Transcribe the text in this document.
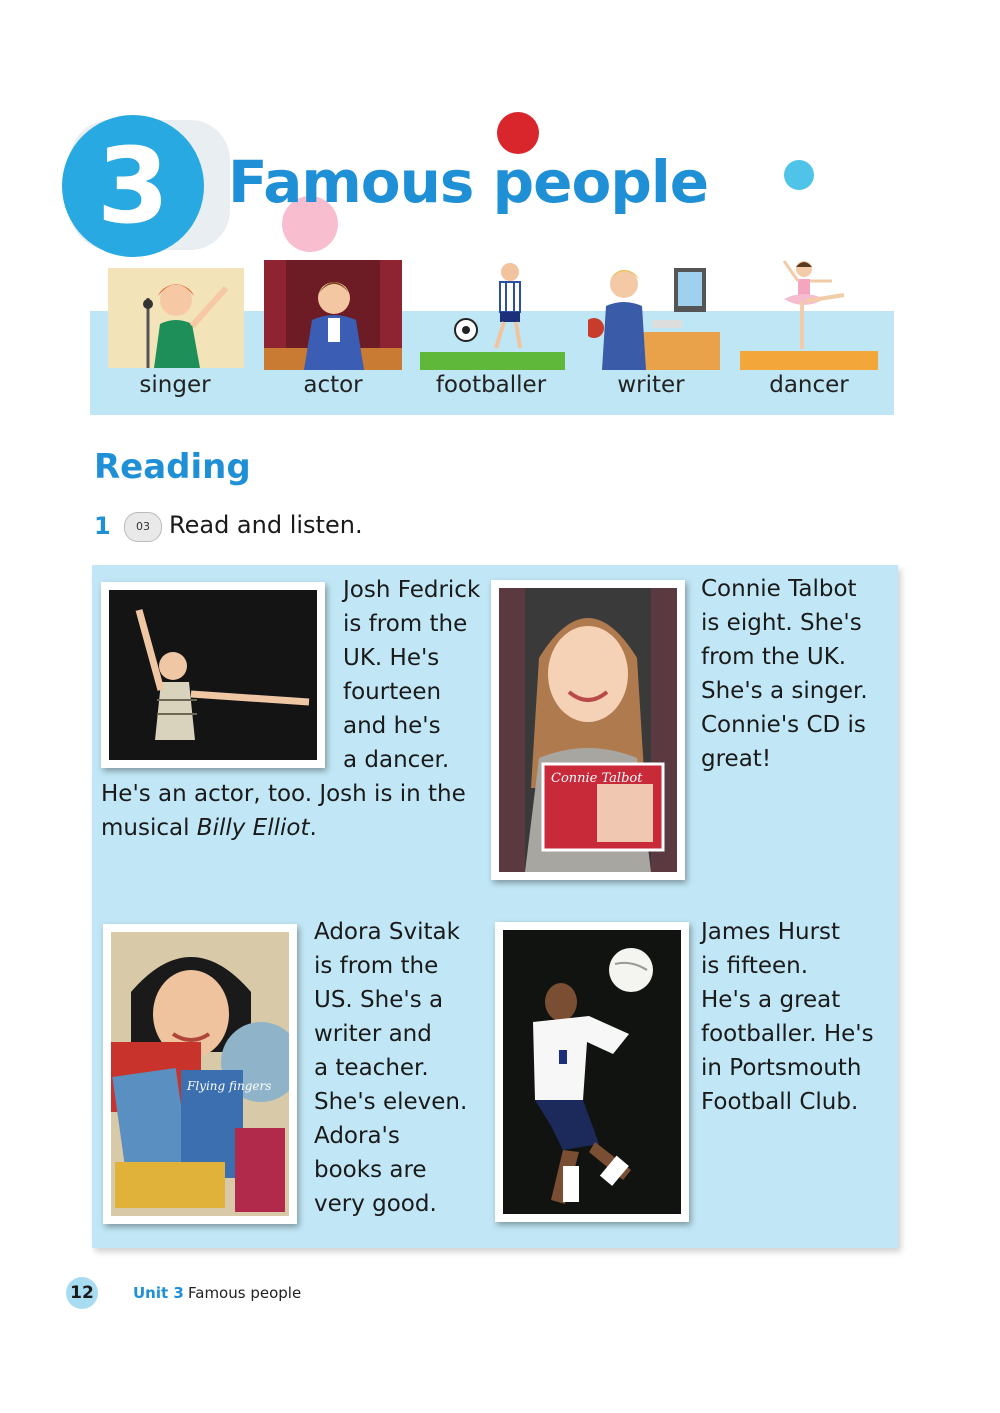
3	Famous people
singer	actor	footballer	writer	dancer
Reading
1	03 Read and listen.
Josh Fedrick
is from the
UK. He's
fourteen
and he's
a dancer.
He's an actor, too. Josh is in the
musical Billy Elliot.
Connie Talbot
Connie Talbot
is eight. She's
from the UK.
She's a singer.
Connie's CD is
great!
Flying fingers
Adora Svitak
is from the
US. She's a
writer and
a teacher.
She's eleven.
Adora's
books are
very good.
James Hurst
is fifteen.
He's a great
footballer. He's
in Portsmouth
Football Club.
12	Unit 3 Famous people
